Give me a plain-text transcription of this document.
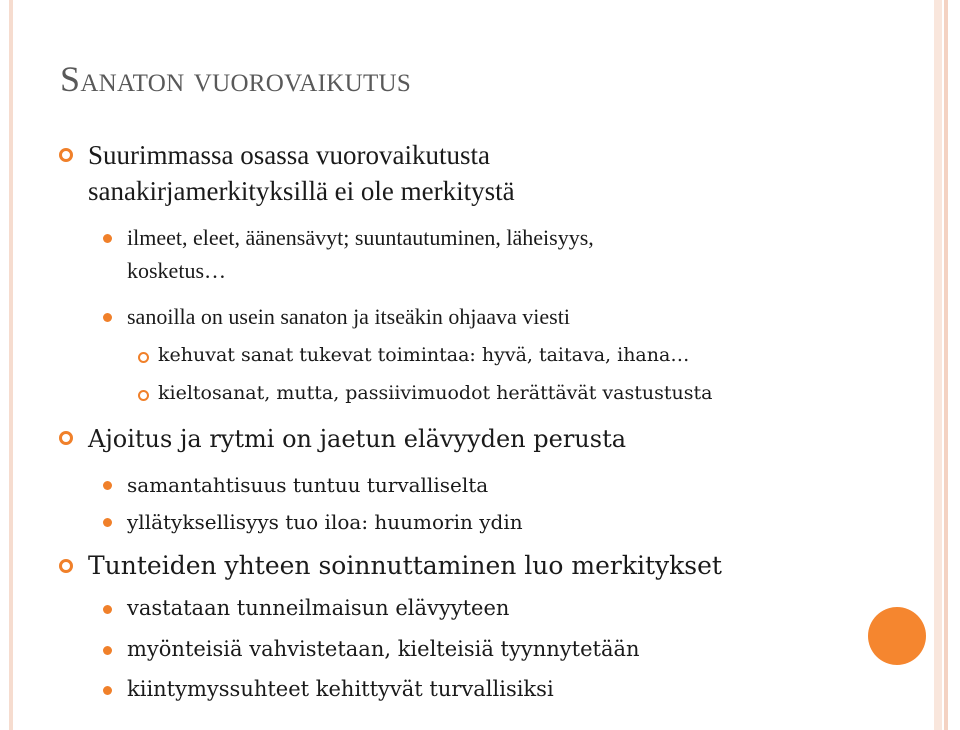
Sanaton vuorovaikutus
Suurimmassa osassa vuorovaikutusta
sanakirjamerkityksillä ei ole merkitystä
ilmeet, eleet, äänensävyt; suuntautuminen, läheisyys,
kosketus…
sanoilla on usein sanaton ja itseäkin ohjaava viesti
kehuvat sanat tukevat toimintaa: hyvä, taitava, ihana…
kieltosanat, mutta, passiivimuodot herättävät vastustusta
Ajoitus ja rytmi on jaetun elävyyden perusta
samantahtisuus tuntuu turvalliselta
yllätyksellisyys tuo iloa: huumorin ydin
Tunteiden yhteen soinnuttaminen luo merkitykset
vastataan tunneilmaisun elävyyteen
myönteisiä vahvistetaan, kielteisiä tyynnytetään
kiintymyssuhteet kehittyvät turvallisiksi
